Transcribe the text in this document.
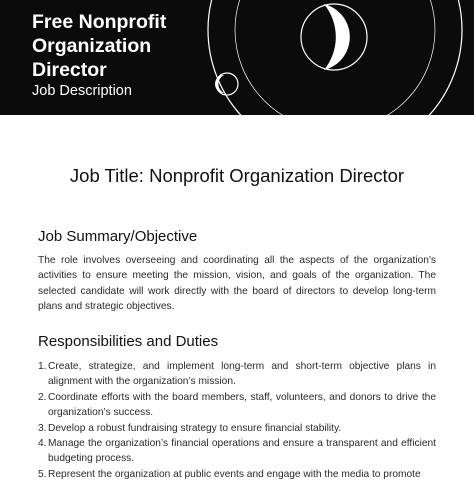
Free Nonprofit Organization Director
Job Description
Job Title: Nonprofit Organization Director
Job Summary/Objective

The role involves overseeing and coordinating all the aspects of the organization's activities to ensure meeting the mission, vision, and goals of the organization. The selected candidate will work directly with the board of directors to develop long-term plans and strategic objectives.

Responsibilities and Duties
1. Create, strategize, and implement long-term and short-term objective plans in alignment with the organization’s mission.
2. Coordinate efforts with the board members, staff, volunteers, and donors to drive the organization’s success.
3. Develop a robust fundraising strategy to ensure financial stability.
4. Manage the organization’s financial operations and ensure a transparent and efficient budgeting process.
5. Represent the organization at public events and engage with the media to promote
